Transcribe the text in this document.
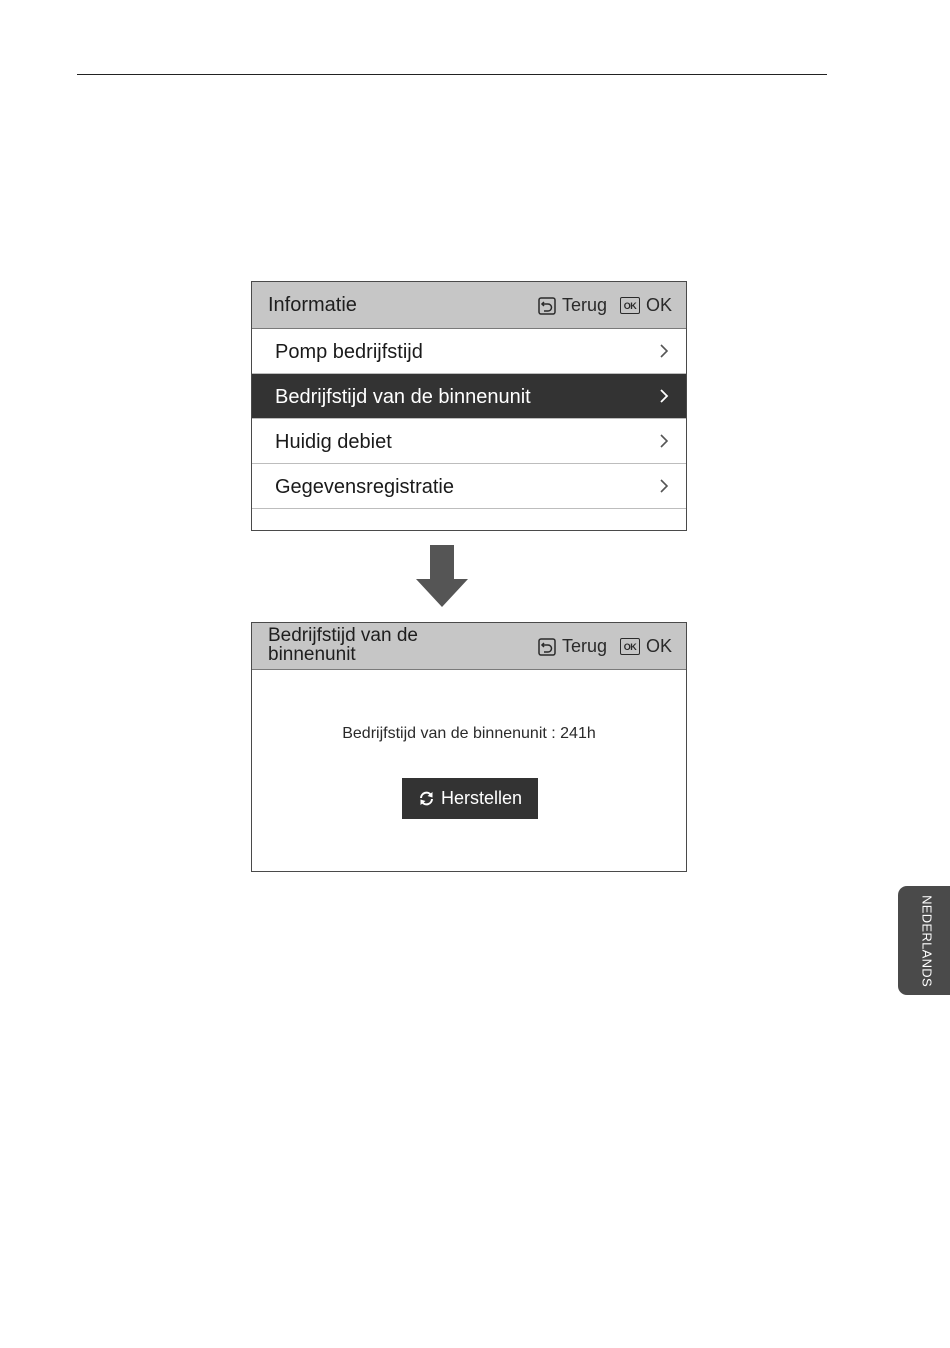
Informatie	Terug	OK OK
Pomp bedrijfstijd
Bedrijfstijd van de binnenunit
Huidig debiet
Gegevensregistratie
Bedrijfstijd van de binnenunit	Terug	OK OK
Bedrijfstijd van de binnenunit : 241h
Herstellen
NEDERLANDS
